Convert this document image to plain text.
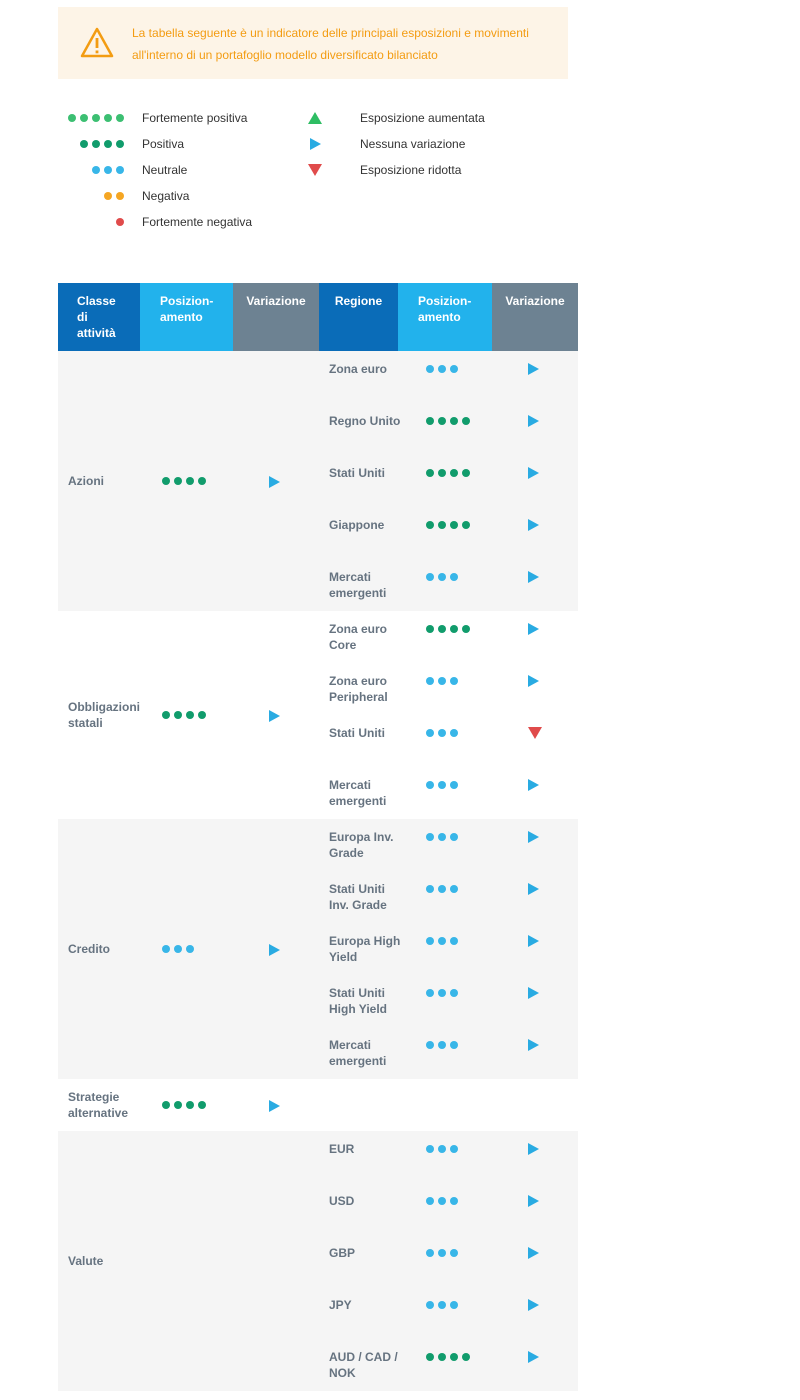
La tabella seguente è un indicatore delle principali esposizioni e movimenti all'interno di un portafoglio modello diversificato bilanciato
Fortemente positiva
Positiva
Neutrale
Negativa
Fortemente negativa
Esposizione aumentata
Nessuna variazione
Esposizione ridotta
Classe
di
attività
Posizion-
amento
Variazione	Regione	Posizion-
amento
Variazione
Azioni
Zona euro
Regno Unito
Stati Uniti
Giappone
Mercati emergenti
Obbligazioni statali
Zona euro Core
Zona euro Peripheral
Stati Uniti
Mercati emergenti
Credito
Europa Inv. Grade
Stati Uniti Inv. Grade
Europa High Yield
Stati Uniti High Yield
Mercati emergenti
Strategie alternative
Valute
EUR
USD
GBP
JPY
AUD / CAD / NOK
